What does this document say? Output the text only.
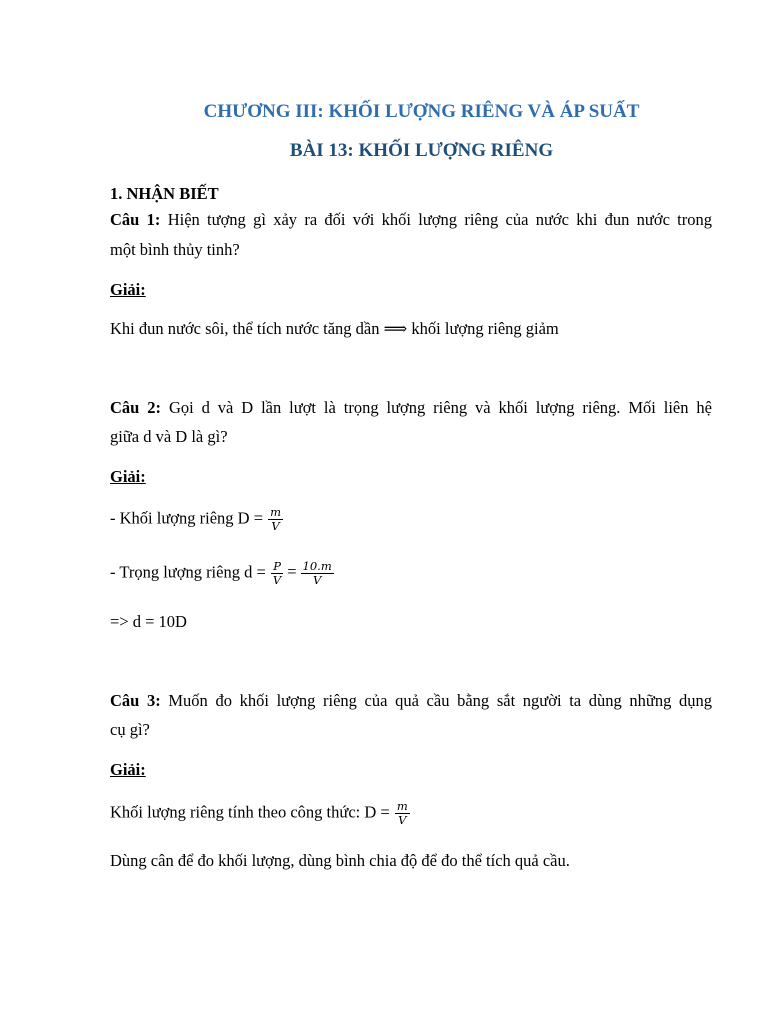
CHƯƠNG III: KHỐI LƯỢNG RIÊNG VÀ ÁP SUẤT
BÀI 13: KHỐI LƯỢNG RIÊNG
1. NHẬN BIẾT
Câu 1: Hiện tượng gì xảy ra đối với khối lượng riêng của nước khi đun nước trong
một bình thủy tinh?
Giải:
Khi đun nước sôi, thể tích nước tăng dần ⟹ khối lượng riêng giảm
Câu 2: Gọi d và D lần lượt là trọng lượng riêng và khối lượng riêng. Mối liên hệ
giữa d và D là gì?
Giải:
- Khối lượng riêng $D = \frac{m}{V}$
- Trọng lượng riêng $d = \frac{P}{V} = \frac{10.m}{V}$
=> d = 10D
Câu 3: Muốn đo khối lượng riêng của quả cầu bằng sắt người ta dùng những dụng
cụ gì?
Giải:
Khối lượng riêng tính theo công thức: $D = \frac{m}{V}$
Dùng cân để đo khối lượng, dùng bình chia độ để đo thể tích quả cầu.
